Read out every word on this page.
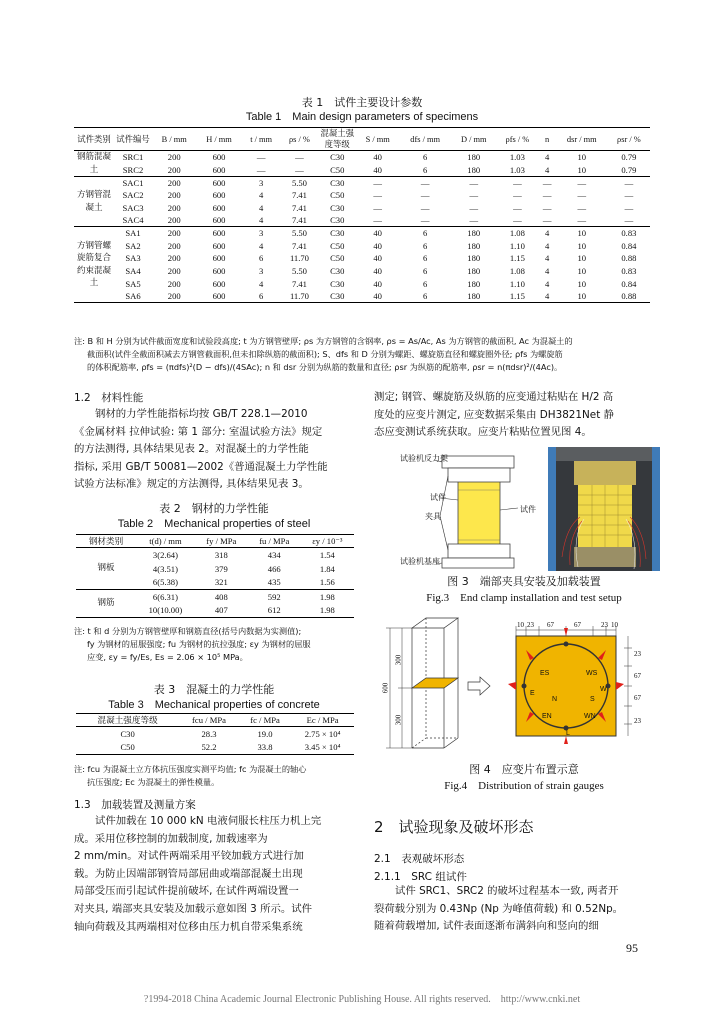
表 1　试件主要设计参数
Table 1　Main design parameters of specimens
试件类别	试件编号	B / mm	H / mm	t / mm	ρs / %	混凝土强度等级	S / mm	dfs / mm	D / mm	ρfs / %	n	dsr / mm	ρsr / %
钢筋混凝土	SRC1	200	600	—	—	C30	40	6	180	1.03	4	10	0.79
	SRC2	200	600	—	—	C50	40	6	180	1.03	4	10	0.79
方钢管混凝土	SAC1	200	600	3	5.50	C30	—	—	—	—	—	—	—
	SAC2	200	600	4	7.41	C50	—	—	—	—	—	—	—
	SAC3	200	600	4	7.41	C30	—	—	—	—	—	—	—
	SAC4	200	600	4	7.41	C30	—	—	—	—	—	—	—
方钢管螺旋筋复合约束混凝土	SA1	200	600	3	5.50	C30	40	6	180	1.08	4	10	0.83
	SA2	200	600	4	7.41	C50	40	6	180	1.10	4	10	0.84
	SA3	200	600	6	11.70	C50	40	6	180	1.15	4	10	0.88
	SA4	200	600	3	5.50	C30	40	6	180	1.08	4	10	0.83
	SA5	200	600	4	7.41	C30	40	6	180	1.10	4	10	0.84
	SA6	200	600	6	11.70	C30	40	6	180	1.15	4	10	0.88
注: B 和 H 分别为试件截面宽度和试验段高度; t 为方钢管壁厚; ρs 为方钢管的含钢率, ρs = As/Ac, As 为方钢管的截面积, Ac 为混凝土的
截面积(试件全截面积减去方钢管截面积,但未扣除纵筋的截面积); S、dfs 和 D 分别为螺距、螺旋筋直径和螺旋圈外径; ρfs 为螺旋筋
的体积配筋率, ρfs = (πdfs)²(D − dfs)/(4SAc); n 和 dsr 分别为纵筋的数量和直径; ρsr 为纵筋的配筋率, ρsr = n(πdsr)²/(4Ac)。
1.2　材料性能
钢材的力学性能指标均按 GB/T 228.1—2010
《金属材料 拉伸试验: 第 1 部分: 室温试验方法》规定
的方法测得, 具体结果见表 2。对混凝土的力学性能
指标, 采用 GB/T 50081—2002《普通混凝土力学性能
试验方法标准》规定的方法测得, 具体结果见表 3。
表 2　钢材的力学性能
Table 2　Mechanical properties of steel
钢材类别	t(d) / mm	fy / MPa	fu / MPa	εy / 10⁻³
钢板	3(2.64)	318	434	1.54
	4(3.51)	379	466	1.84
	6(5.38)	321	435	1.56
钢筋	6(6.31)	408	592	1.98
	10(10.00)	407	612	1.98
注: t 和 d 分别为方钢管壁厚和钢筋直径(括号内数据为实测值);
fy 为钢材的屈服强度; fu 为钢材的抗拉强度; εy 为钢材的屈服
应变, εy = fy/Es, Es = 2.06 × 10⁵ MPa。
表 3　混凝土的力学性能
Table 3　Mechanical properties of concrete
混凝土强度等级	fcu / MPa	fc / MPa	Ec / MPa
C30	28.3	19.0	2.75 × 10⁴
C50	52.2	33.8	3.45 × 10⁴
注: fcu 为混凝土立方体抗压强度实测平均值; fc 为混凝土的轴心
抗压强度; Ec 为混凝土的弹性模量。
1.3　加载装置及测量方案
试件加载在 10 000 kN 电液伺服长柱压力机上完
成。采用位移控制的加载制度, 加载速率为
2 mm/min。对试件两端采用平铰加载方式进行加
载。为防止因端部钢管局部屈曲或端部混凝土出现
局部受压而引起试件提前破坏, 在试件两端设置一
对夹具, 端部夹具安装及加载示意如图 3 所示。试件
轴向荷载及其两端相对位移由压力机自带采集系统
测定; 钢管、螺旋筋及纵筋的应变通过粘贴在 H/2 高
度处的应变片测定, 应变数据采集由 DH3821Net 静
态应变测试系统获取。应变片粘贴位置见图 4。
试验机反力架
试件
夹具
试件
试验机基座
图 3　端部夹具安装及加载装置
Fig.3　End clamp installation and test setup
600
300
300
10 23 67	67	23 10
23
67
67
23
ES	WS
E
W
EN	WN
S
N
L
图 4　应变片布置示意
Fig.4　Distribution of strain gauges
2　试验现象及破坏形态
2.1　表观破坏形态
2.1.1　SRC 组试件
试件 SRC1、SRC2 的破坏过程基本一致, 两者开
裂荷载分别为 0.43Np (Np 为峰值荷载) 和 0.52Np。
随着荷载增加, 试件表面逐渐布满斜向和竖向的细
95
?1994-2018 China Academic Journal Electronic Publishing House. All rights reserved.　http://www.cnki.net
